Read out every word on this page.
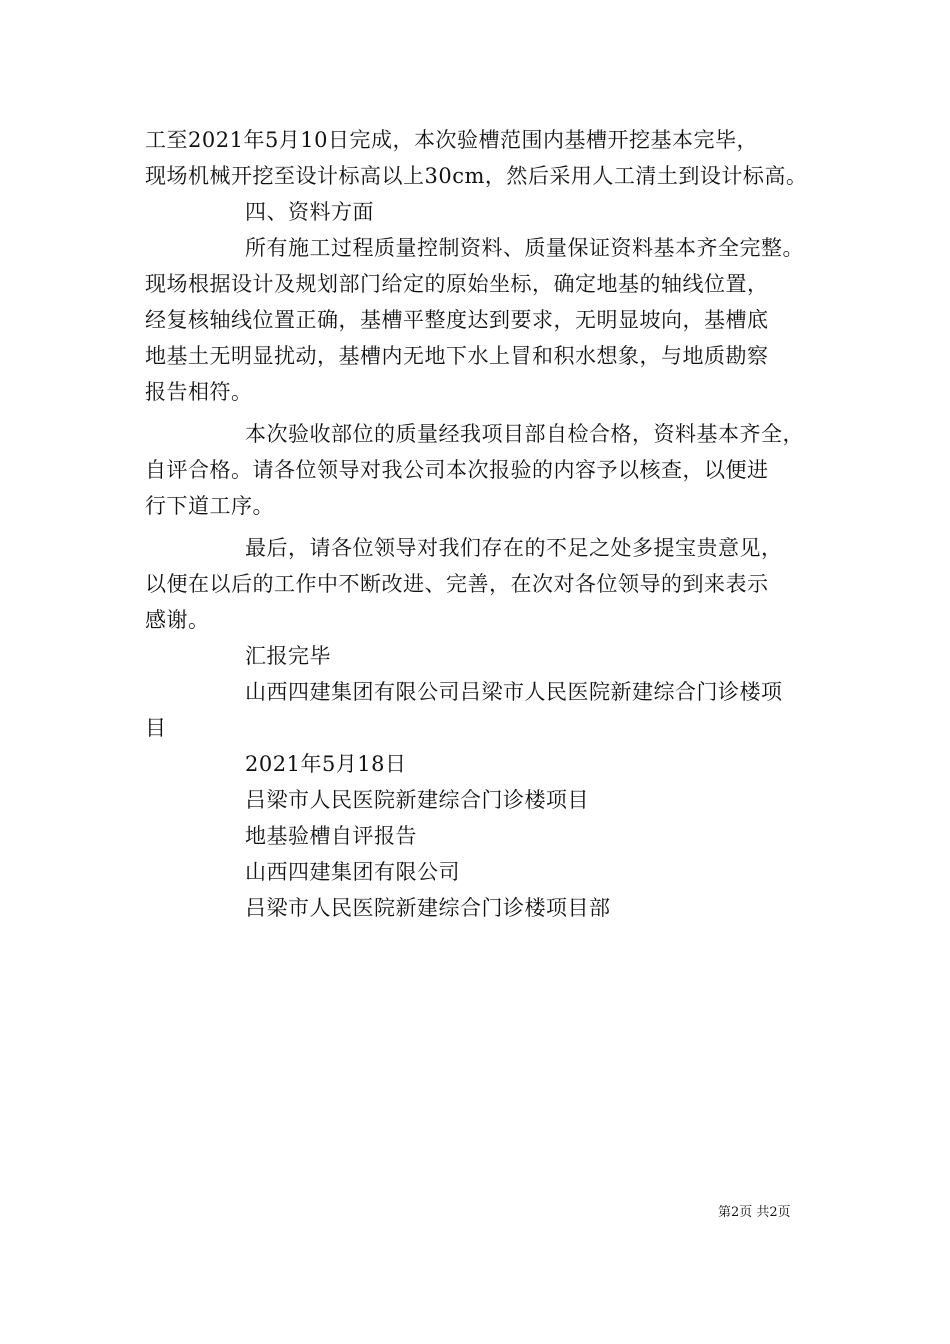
工至2021年5月10日完成，本次验槽范围内基槽开挖基本完毕，
现场机械开挖至设计标高以上30cm，然后采用人工清土到设计标高。
四、资料方面
所有施工过程质量控制资料、质量保证资料基本齐全完整。
现场根据设计及规划部门给定的原始坐标，确定地基的轴线位置，
经复核轴线位置正确，基槽平整度达到要求，无明显坡向，基槽底
地基土无明显扰动，基槽内无地下水上冒和积水想象，与地质勘察
报告相符。
本次验收部位的质量经我项目部自检合格，资料基本齐全，
自评合格。请各位领导对我公司本次报验的内容予以核查，以便进
行下道工序。
最后，请各位领导对我们存在的不足之处多提宝贵意见，
以便在以后的工作中不断改进、完善，在次对各位领导的到来表示
感谢。
汇报完毕
山西四建集团有限公司吕梁市人民医院新建综合门诊楼项
目
2021年5月18日
吕梁市人民医院新建综合门诊楼项目
地基验槽自评报告
山西四建集团有限公司
吕梁市人民医院新建综合门诊楼项目部
第2页 共2页
